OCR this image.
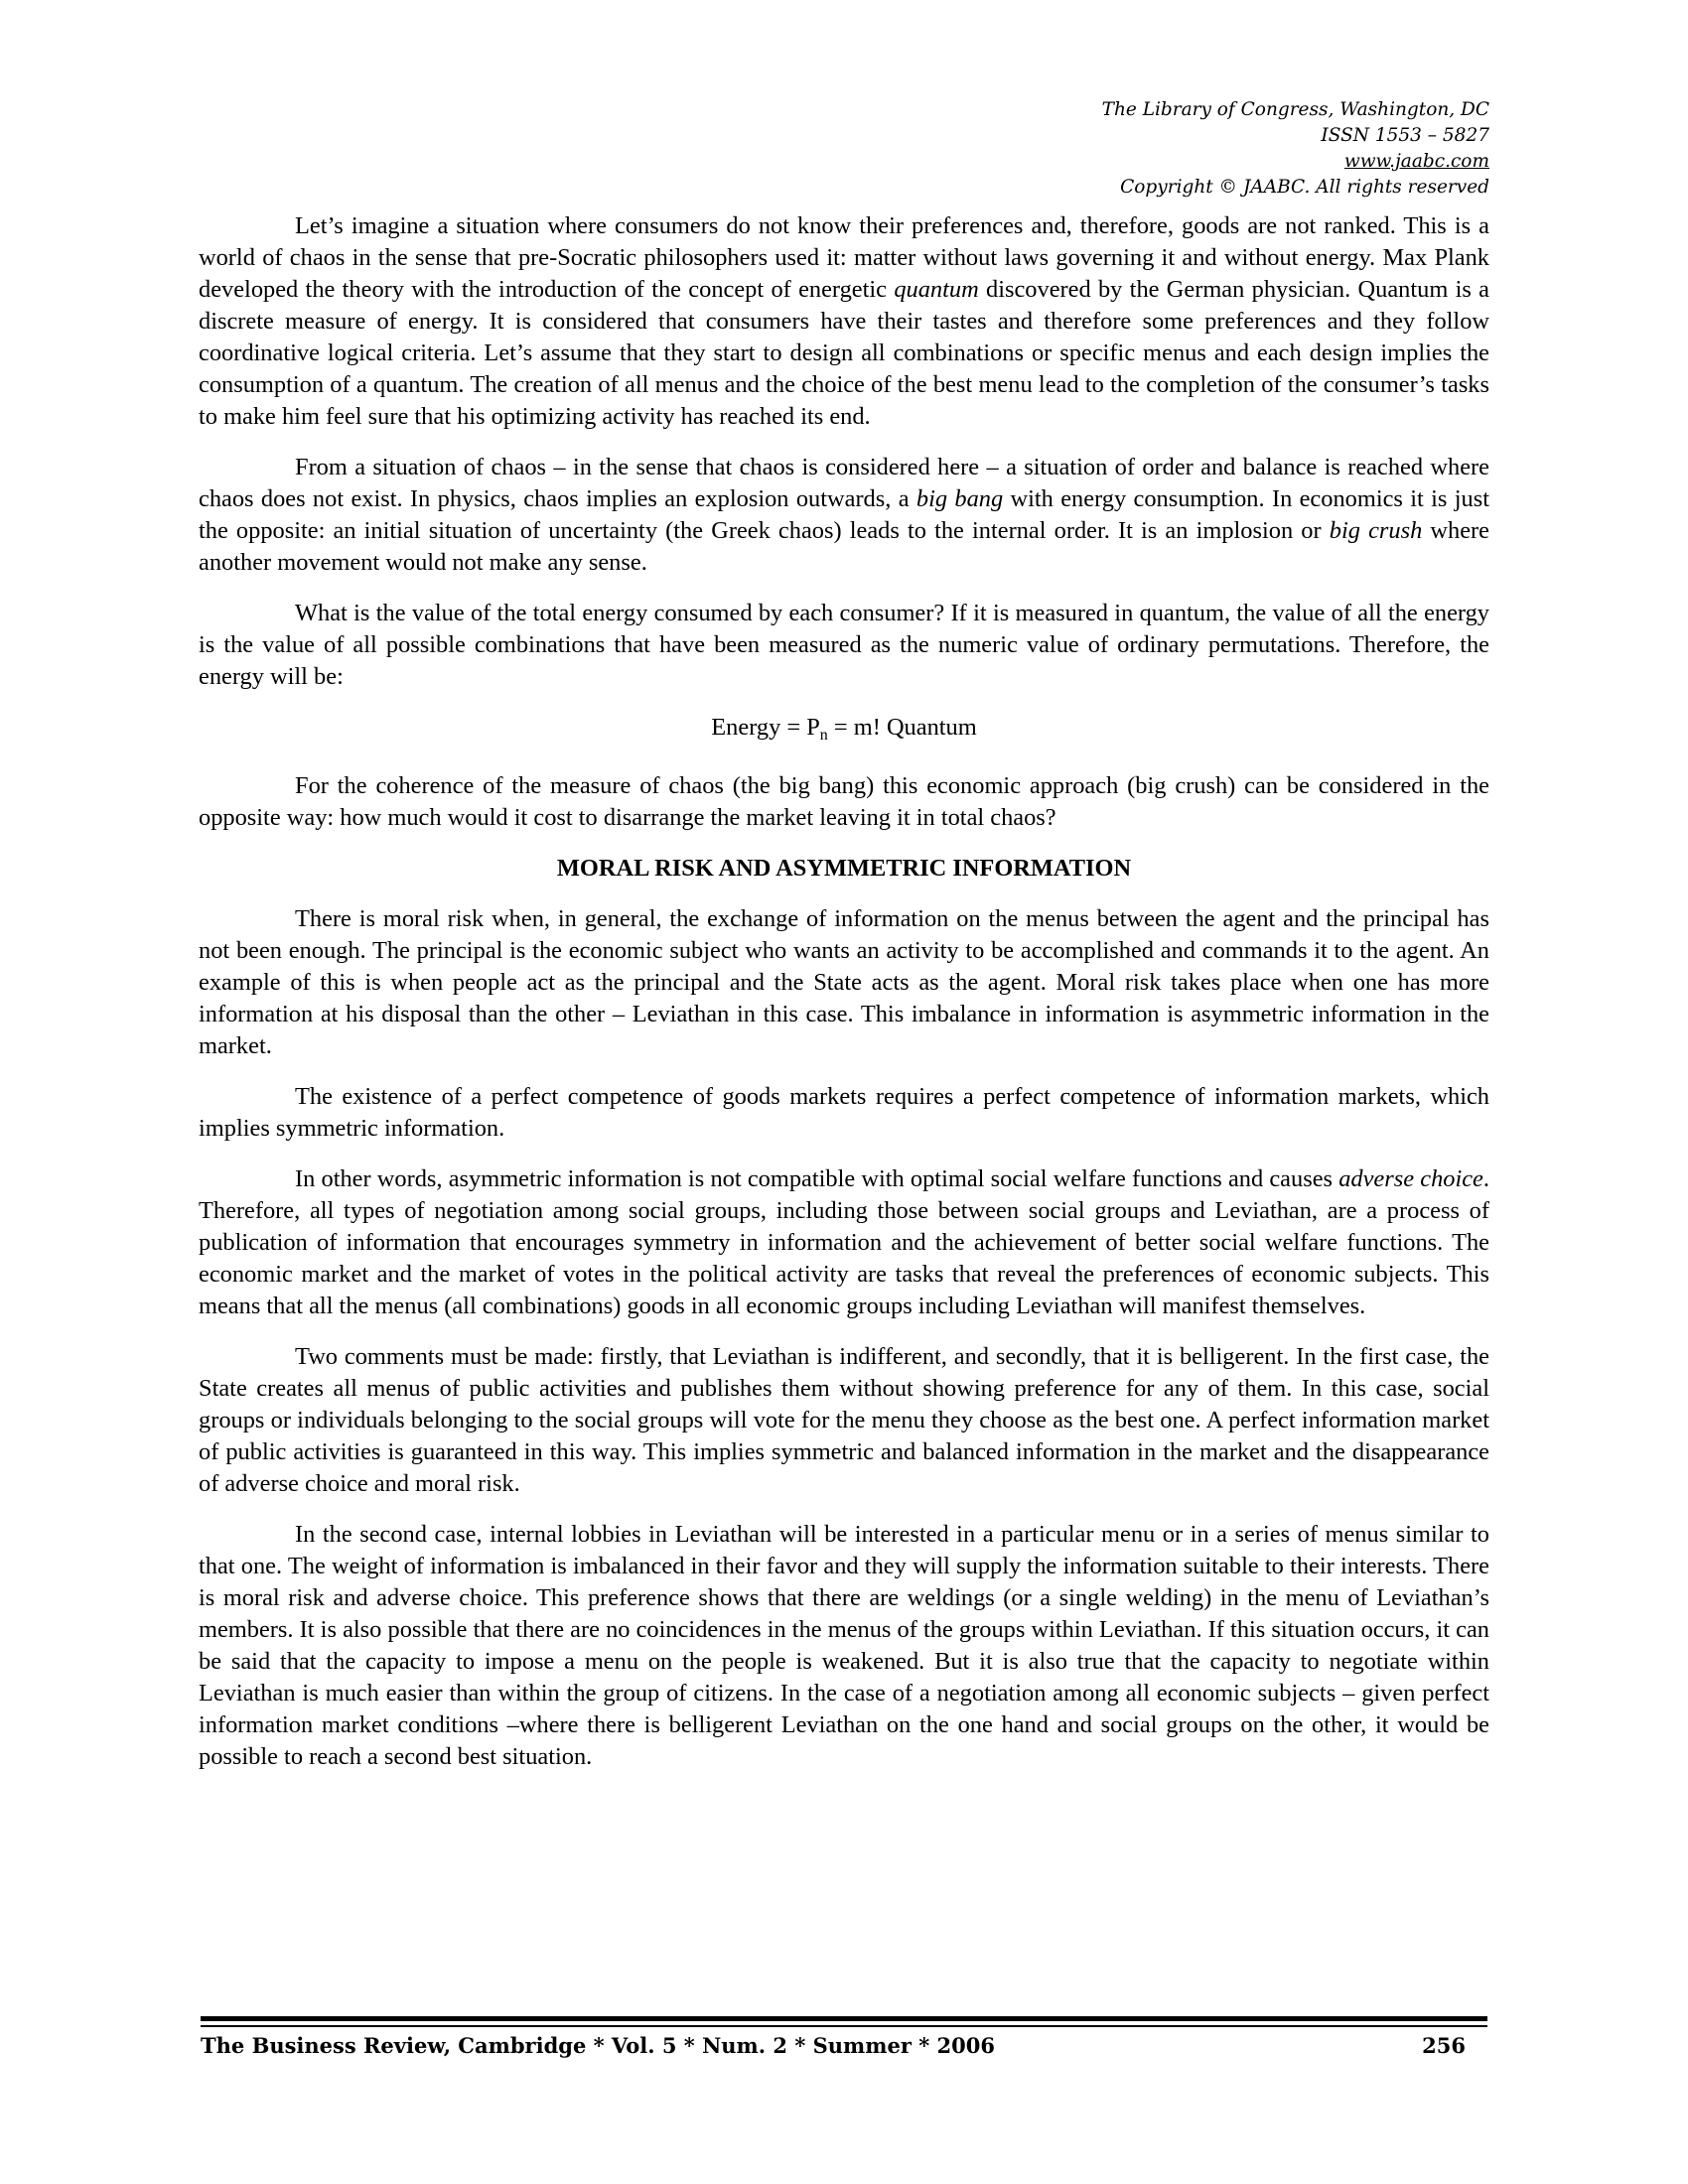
The Library of Congress, Washington, DC
ISSN 1553 – 5827
www.jaabc.com
Copyright © JAABC. All rights reserved

Let’s imagine a situation where consumers do not know their preferences and, therefore, goods are not ranked. This is a world of chaos in the sense that pre-Socratic philosophers used it: matter without laws governing it and without energy. Max Plank developed the theory with the introduction of the concept of energetic quantum discovered by the German physician. Quantum is a discrete measure of energy. It is considered that consumers have their tastes and therefore some preferences and they follow coordinative logical criteria. Let’s assume that they start to design all combinations or specific menus and each design implies the consumption of a quantum. The creation of all menus and the choice of the best menu lead to the completion of the consumer’s tasks to make him feel sure that his optimizing activity has reached its end.

From a situation of chaos – in the sense that chaos is considered here – a situation of order and balance is reached where chaos does not exist. In physics, chaos implies an explosion outwards, a big bang with energy consumption. In economics it is just the opposite: an initial situation of uncertainty (the Greek chaos) leads to the internal order. It is an implosion or big crush where another movement would not make any sense.

What is the value of the total energy consumed by each consumer? If it is measured in quantum, the value of all the energy is the value of all possible combinations that have been measured as the numeric value of ordinary permutations. Therefore, the energy will be:

Energy = $P_n = m$! Quantum

For the coherence of the measure of chaos (the big bang) this economic approach (big crush) can be considered in the opposite way: how much would it cost to disarrange the market leaving it in total chaos?

MORAL RISK AND ASYMMETRIC INFORMATION

There is moral risk when, in general, the exchange of information on the menus between the agent and the principal has not been enough. The principal is the economic subject who wants an activity to be accomplished and commands it to the agent. An example of this is when people act as the principal and the State acts as the agent. Moral risk takes place when one has more information at his disposal than the other – Leviathan in this case. This imbalance in information is asymmetric information in the market.

The existence of a perfect competence of goods markets requires a perfect competence of information markets, which implies symmetric information.

In other words, asymmetric information is not compatible with optimal social welfare functions and causes adverse choice. Therefore, all types of negotiation among social groups, including those between social groups and Leviathan, are a process of publication of information that encourages symmetry in information and the achievement of better social welfare functions. The economic market and the market of votes in the political activity are tasks that reveal the preferences of economic subjects. This means that all the menus (all combinations) goods in all economic groups including Leviathan will manifest themselves.

Two comments must be made: firstly, that Leviathan is indifferent, and secondly, that it is belligerent. In the first case, the State creates all menus of public activities and publishes them without showing preference for any of them. In this case, social groups or individuals belonging to the social groups will vote for the menu they choose as the best one. A perfect information market of public activities is guaranteed in this way. This implies symmetric and balanced information in the market and the disappearance of adverse choice and moral risk.

In the second case, internal lobbies in Leviathan will be interested in a particular menu or in a series of menus similar to that one. The weight of information is imbalanced in their favor and they will supply the information suitable to their interests. There is moral risk and adverse choice. This preference shows that there are weldings (or a single welding) in the menu of Leviathan’s members. It is also possible that there are no coincidences in the menus of the groups within Leviathan. If this situation occurs, it can be said that the capacity to impose a menu on the people is weakened. But it is also true that the capacity to negotiate within Leviathan is much easier than within the group of citizens. In the case of a negotiation among all economic subjects – given perfect information market conditions –where there is belligerent Leviathan on the one hand and social groups on the other, it would be possible to reach a second best situation.

The Business Review, Cambridge * Vol. 5 * Num. 2 * Summer * 2006	256
